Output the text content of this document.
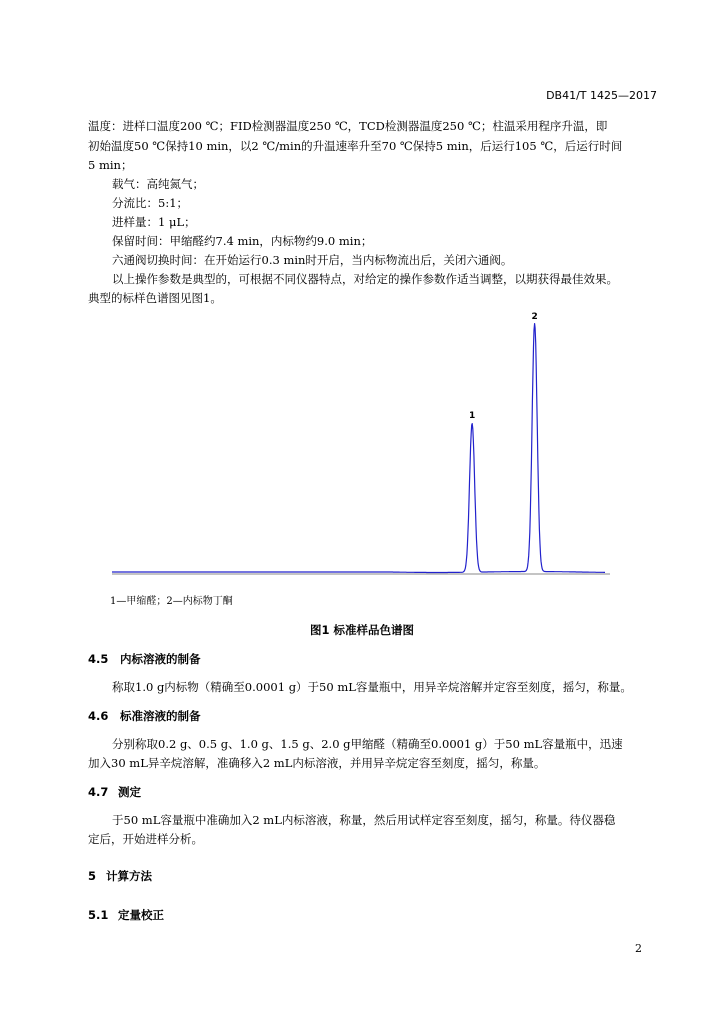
DB41/T 1425—2017
温度：进样口温度200 ℃；FID检测器温度250 ℃，TCD检测器温度250 ℃；柱温采用程序升温，即
初始温度50 ℃保持10 min，以2 ℃/min的升温速率升至70 ℃保持5 min，后运行105 ℃，后运行时间
5 min；
载气：高纯氮气；
分流比：5:1；
进样量：1 μL；
保留时间：甲缩醛约7.4 min，内标物约9.0 min；
六通阀切换时间：在开始运行0.3 min时开启，当内标物流出后，关闭六通阀。
以上操作参数是典型的，可根据不同仪器特点，对给定的操作参数作适当调整，以期获得最佳效果。
典型的标样色谱图见图1。
1
2
1—甲缩醛；2—内标物丁酮
图1 标准样品色谱图
4.5 内标溶液的制备
称取1.0 g内标物（精确至0.0001 g）于50 mL容量瓶中，用异辛烷溶解并定容至刻度，摇匀，称量。
4.6 标准溶液的制备
分别称取0.2 g、0.5 g、1.0 g、1.5 g、2.0 g甲缩醛（精确至0.0001 g）于50 mL容量瓶中，迅速
加入30 mL异辛烷溶解，准确移入2 mL内标溶液，并用异辛烷定容至刻度，摇匀，称量。
4.7 测定
于50 mL容量瓶中准确加入2 mL内标溶液，称量，然后用试样定容至刻度，摇匀，称量。待仪器稳
定后，开始进样分析。
5 计算方法
5.1 定量校正
2
